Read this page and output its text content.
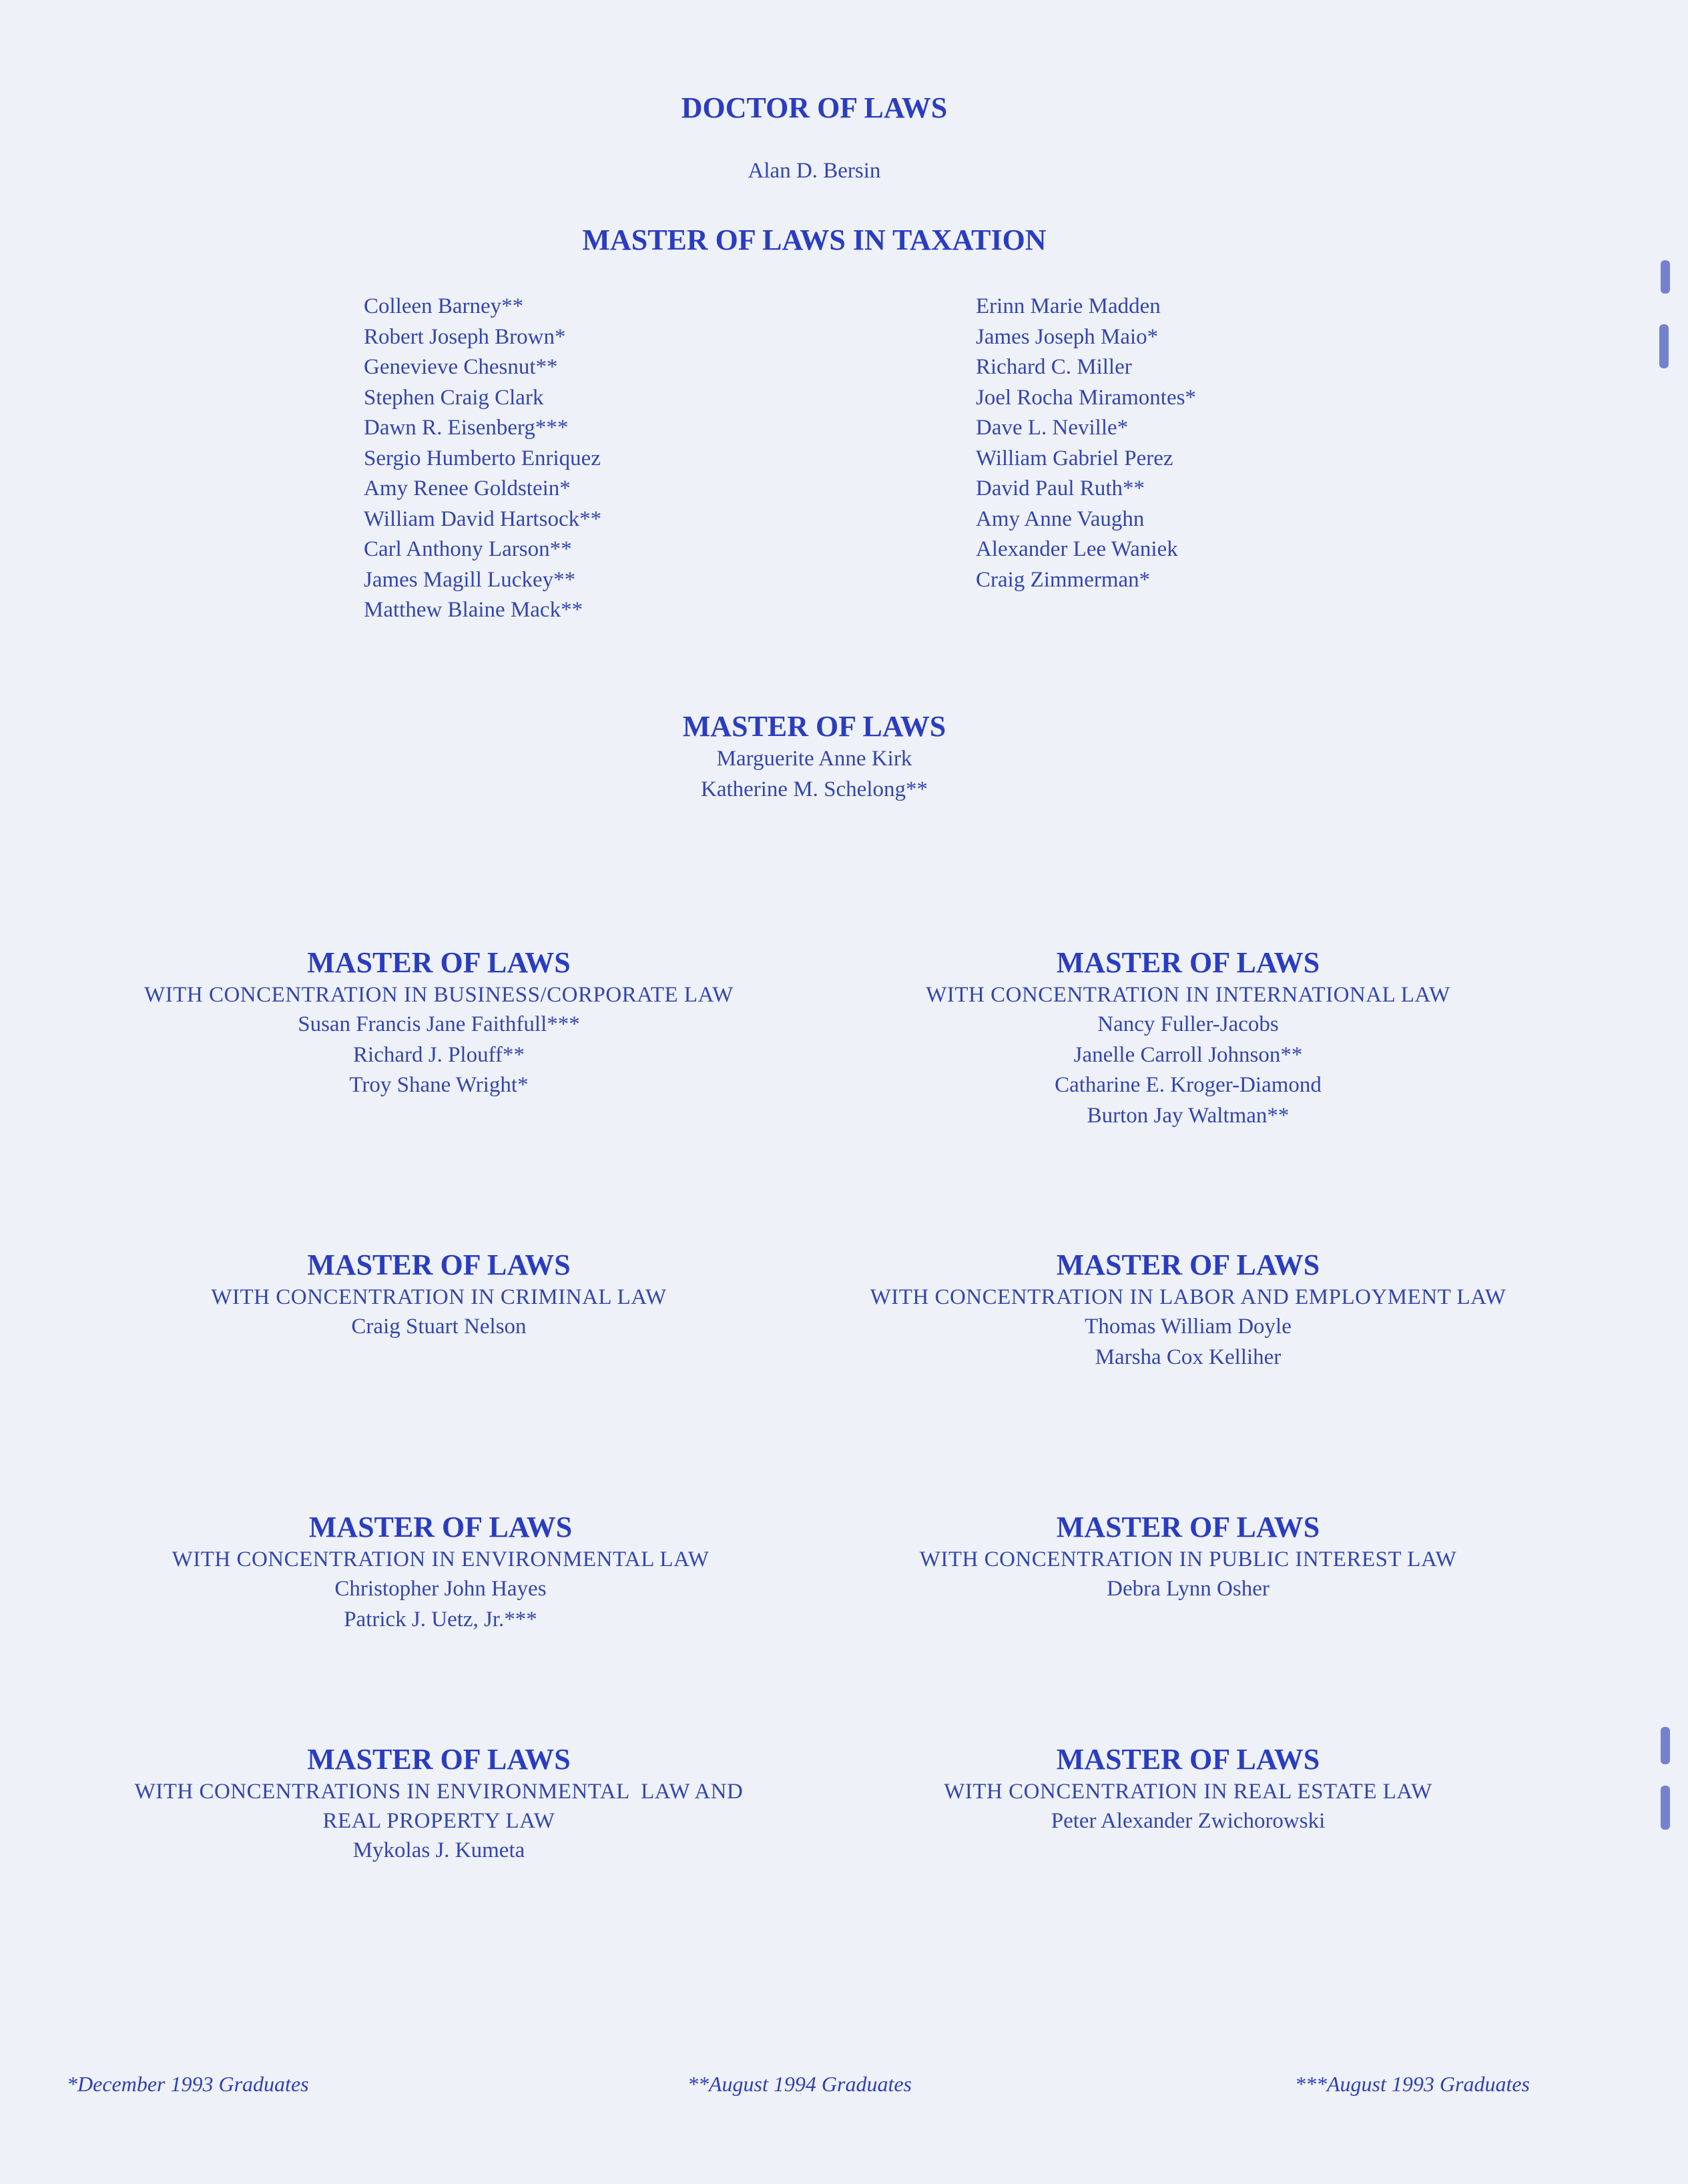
DOCTOR OF LAWS
Alan D. Bersin
MASTER OF LAWS IN TAXATION
Colleen Barney**
Robert Joseph Brown*
Genevieve Chesnut**
Stephen Craig Clark
Dawn R. Eisenberg***
Sergio Humberto Enriquez
Amy Renee Goldstein*
William David Hartsock**
Carl Anthony Larson**
James Magill Luckey**
Matthew Blaine Mack**
Erinn Marie Madden
James Joseph Maio*
Richard C. Miller
Joel Rocha Miramontes*
Dave L. Neville*
William Gabriel Perez
David Paul Ruth**
Amy Anne Vaughn
Alexander Lee Waniek
Craig Zimmerman*
MASTER OF LAWS
Marguerite Anne Kirk
Katherine M. Schelong**
MASTER OF LAWS
WITH CONCENTRATION IN BUSINESS/CORPORATE LAW
Susan Francis Jane Faithfull***
Richard J. Plouff**
Troy Shane Wright*
MASTER OF LAWS
WITH CONCENTRATION IN INTERNATIONAL LAW
Nancy Fuller-Jacobs
Janelle Carroll Johnson**
Catharine E. Kroger-Diamond
Burton Jay Waltman**
MASTER OF LAWS
WITH CONCENTRATION IN CRIMINAL LAW
Craig Stuart Nelson
MASTER OF LAWS
WITH CONCENTRATION IN LABOR AND EMPLOYMENT LAW
Thomas William Doyle
Marsha Cox Kelliher
MASTER OF LAWS
WITH CONCENTRATION IN ENVIRONMENTAL LAW
Christopher John Hayes
Patrick J. Uetz, Jr.***
MASTER OF LAWS
WITH CONCENTRATION IN PUBLIC INTEREST LAW
Debra Lynn Osher
MASTER OF LAWS
WITH CONCENTRATIONS IN ENVIRONMENTAL  LAW AND
REAL PROPERTY LAW
Mykolas J. Kumeta
MASTER OF LAWS
WITH CONCENTRATION IN REAL ESTATE LAW
Peter Alexander Zwichorowski
*December 1993 Graduates	**August 1994 Graduates	***August 1993 Graduates
